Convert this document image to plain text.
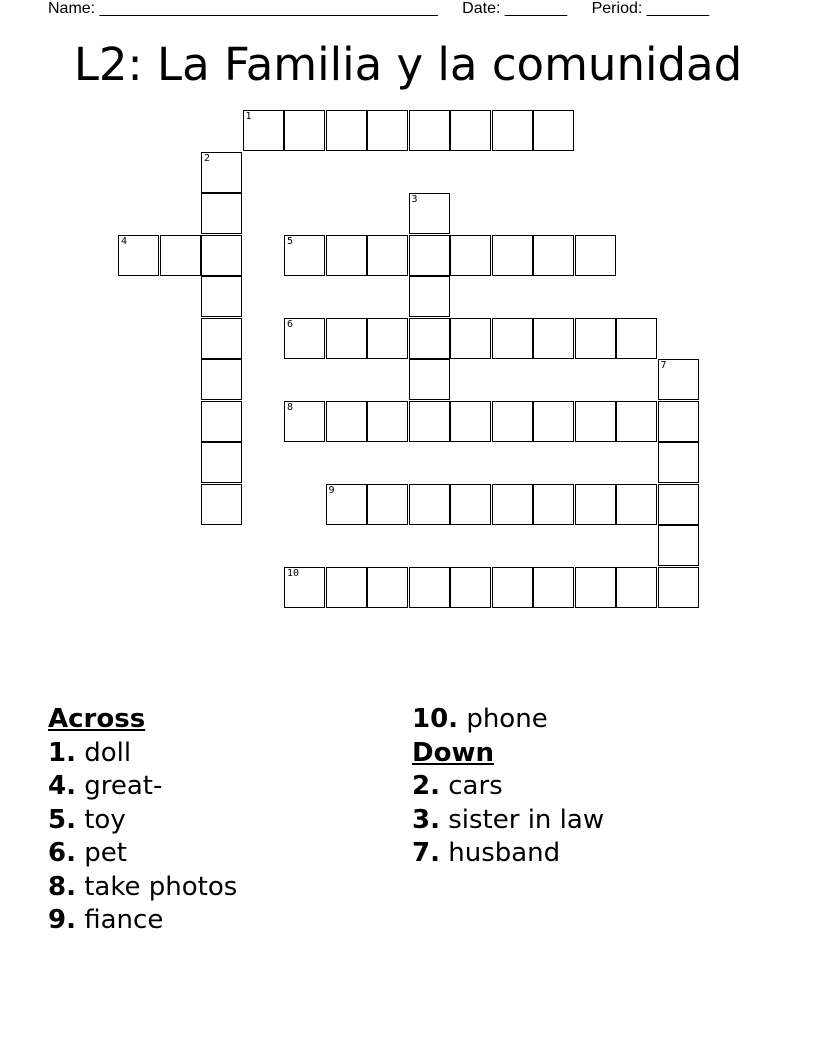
Name: ______________________________________ Date: _______ Period: _______
L2: La Familia y la comunidad
1
2
3
4	5
6
7
8
9
10
Across
1. doll
4. great-
5. toy
6. pet
8. take photos
9. fiance
10. phone
Down
2. cars
3. sister in law
7. husband
